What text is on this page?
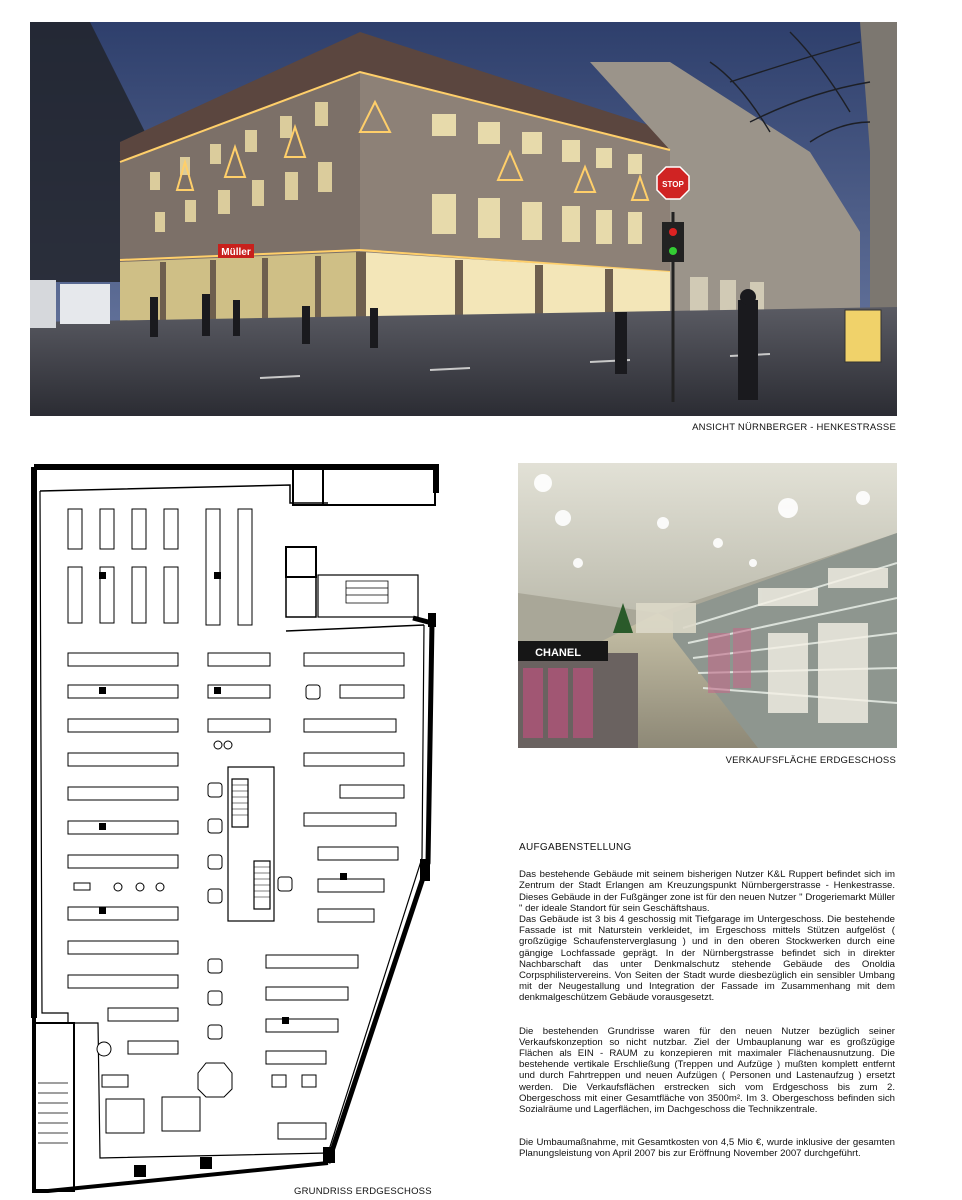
Müller
STOP
ANSICHT NÜRNBERGER - HENKESTRASSE
CHANEL
VERKAUFSFLÄCHE ERDGESCHOSS
GRUNDRISS ERDGESCHOSS
AUFGABENSTELLUNG

Das bestehende Gebäude mit seinem bisherigen Nutzer K&L Ruppert befindet sich im Zentrum der Stadt Erlangen am Kreuzungspunkt Nürnbergerstrasse - Henkestrasse. Dieses Gebäude in der Fußgänger zone ist für den neuen Nutzer " Drogeriemarkt Müller " der ideale Standort für sein Geschäftshaus.

Das Gebäude ist 3 bis 4 geschossig mit Tiefgarage im Untergeschoss. Die bestehende Fassade ist mit Naturstein verkleidet, im Ergeschoss mittels Stützen aufgelöst ( großzügige Schaufensterverglasung ) und in den oberen Stockwerken durch eine gängige Lochfassade geprägt. In der Nürnbergstrasse befindet sich in direkter Nachbarschaft das unter Denkmalschutz stehende Gebäude des Onoldia Corpsphilistervereins. Von Seiten der Stadt wurde diesbezüglich ein sensibler Umbang mit der Neugestallung und Integration der Fassade im Zusammenhang mit dem denkmalgeschützem Gebäude vorausgesetzt.

Die bestehenden Grundrisse waren für den neuen Nutzer bezüglich seiner Verkaufskonzeption so nicht nutzbar. Ziel der Umbauplanung war es großzügige Flächen als EIN - RAUM zu konzepieren mit maximaler Flächenausnutzung. Die bestehende vertikale Erschließung (Treppen und Aufzüge ) mußten komplett entfernt und durch Fahrtreppen und neuen Aufzügen ( Personen und Lastenaufzug ) ersetzt werden. Die Verkaufsflächen erstrecken sich vom Erdgeschoss bis zum 2. Obergeschoss mit einer Gesamtfläche von 3500m². Im 3. Obergeschoss befinden sich Sozialräume und Lagerflächen, im Dachgeschoss die Technikzentrale.

Die Umbaumaßnahme, mit Gesamtkosten von 4,5 Mio €, wurde inklusive der gesamten Planungsleistung von April 2007 bis zur Eröffnung November 2007 durchgeführt.
